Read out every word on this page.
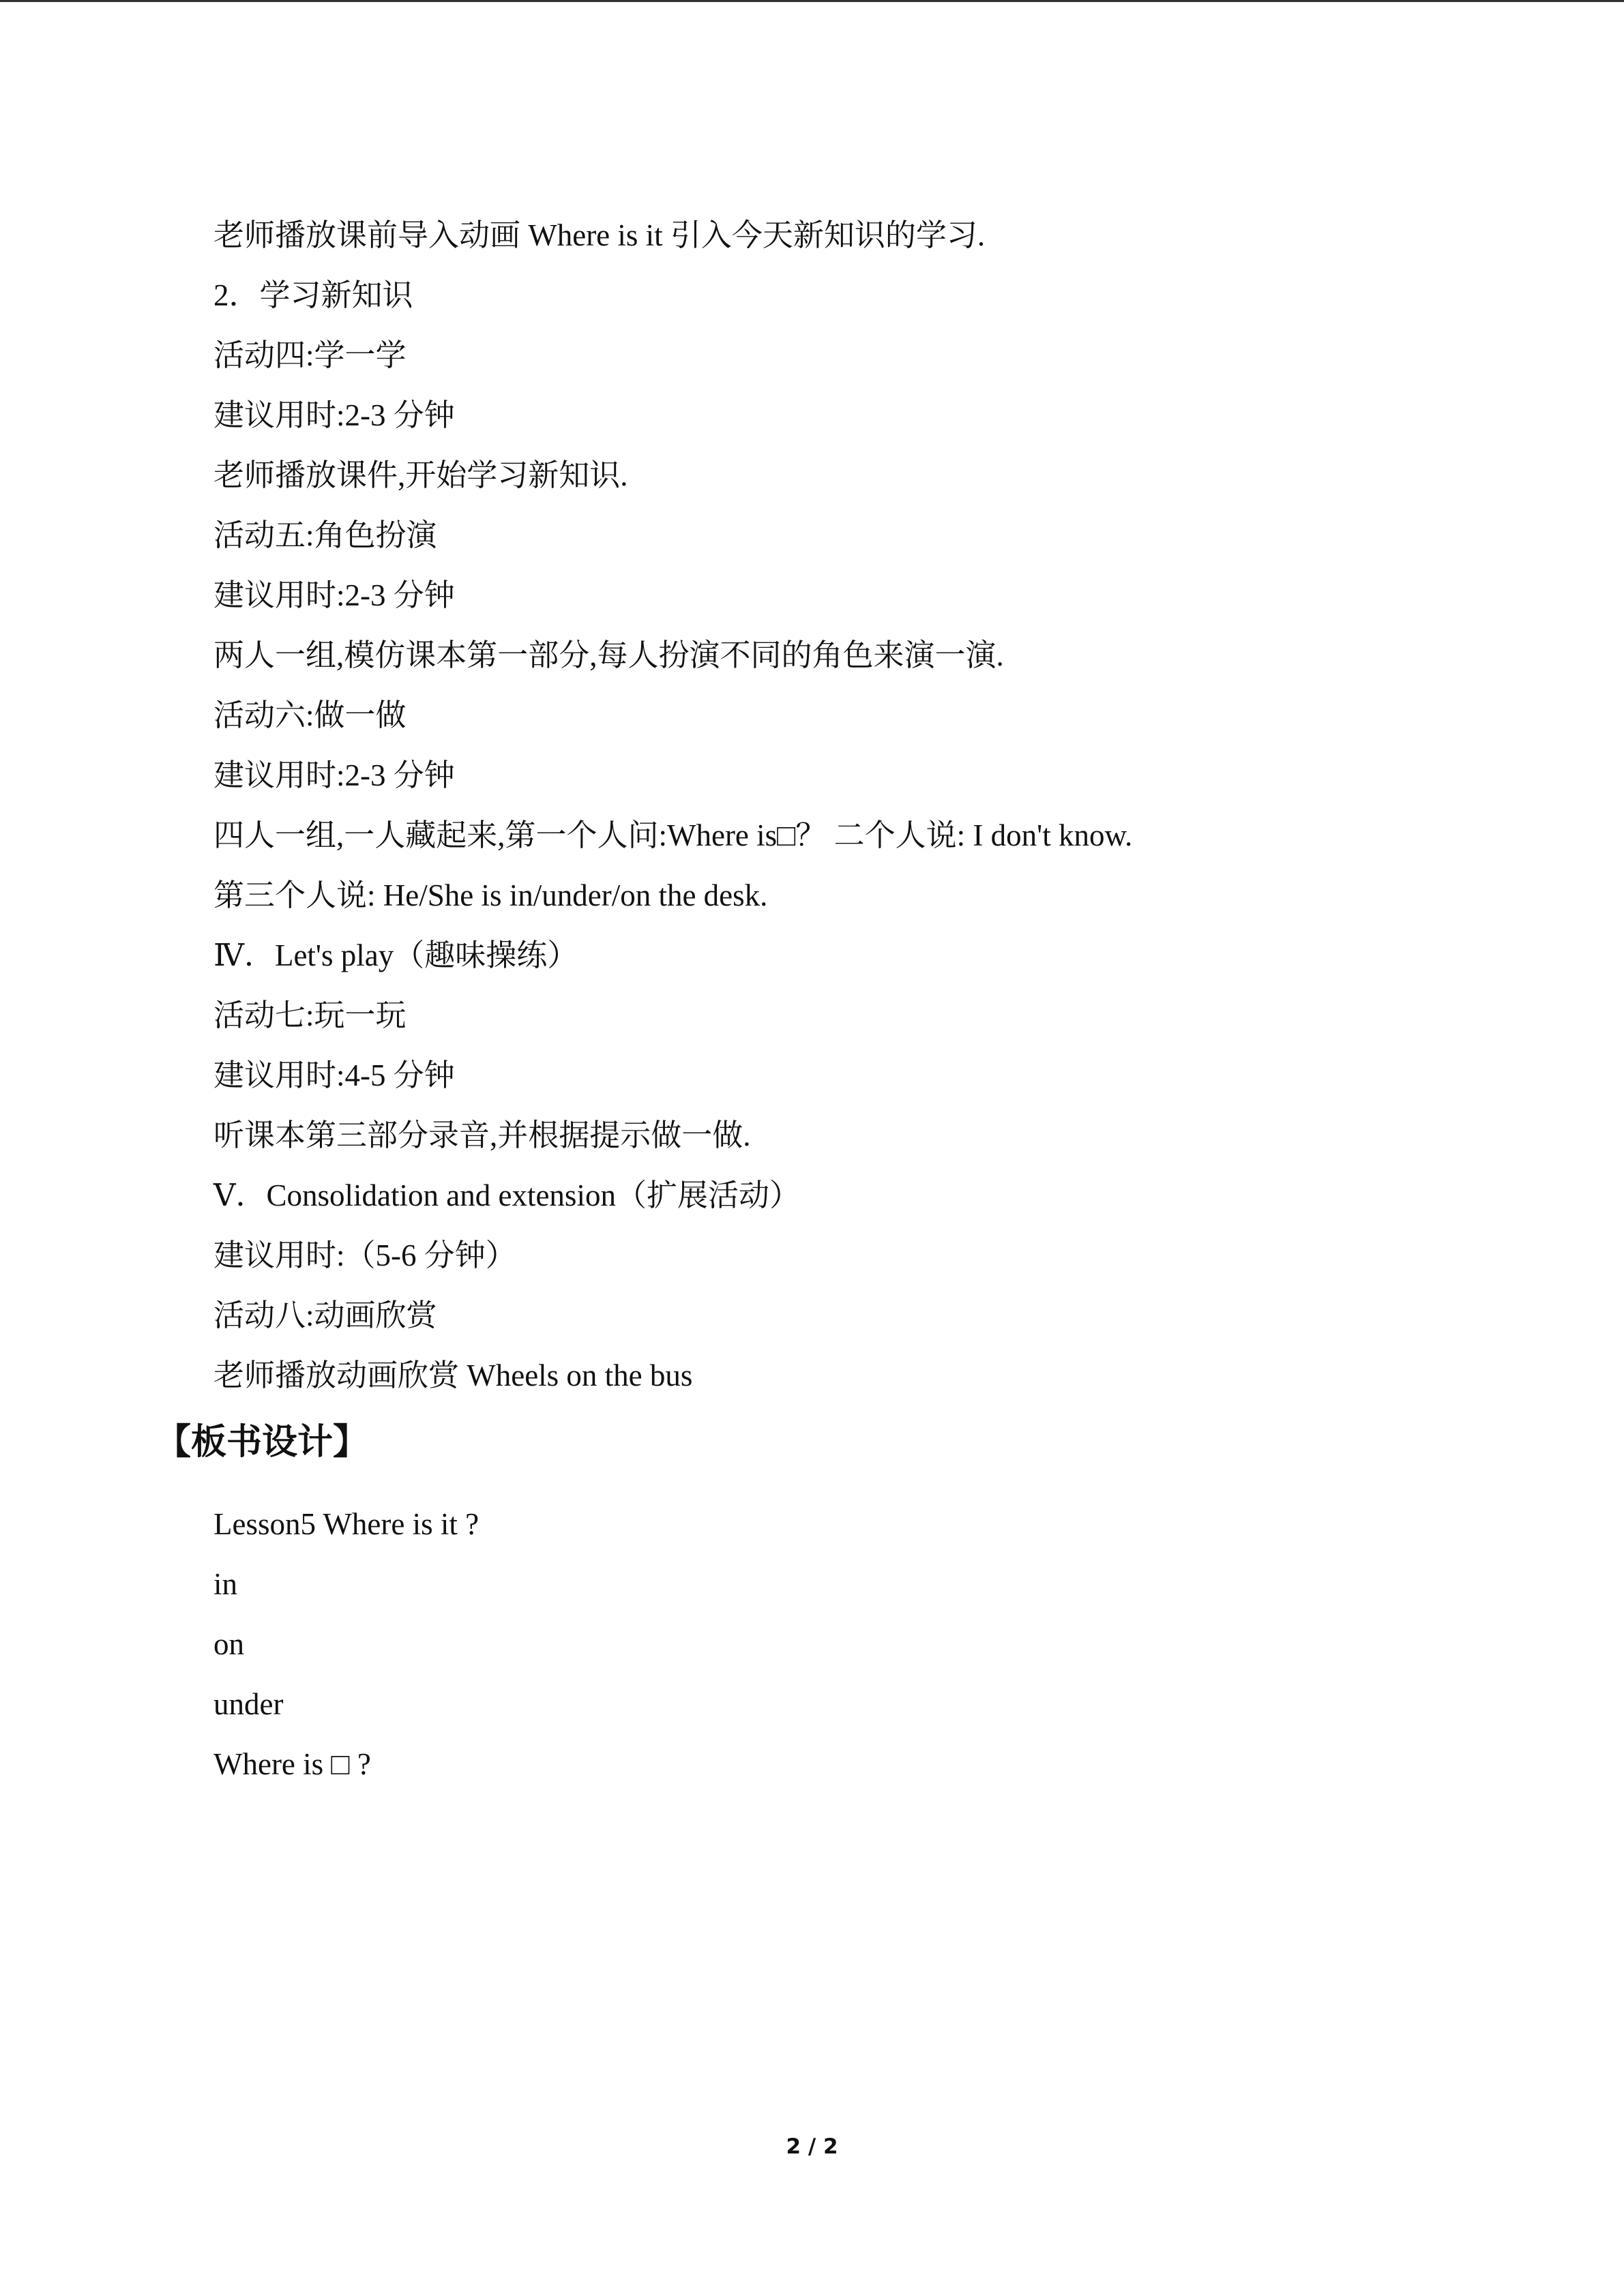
老师播放课前导入动画 Where is it 引入今天新知识的学习.
2．学习新知识
活动四:学一学
建议用时:2-3 分钟
老师播放课件,开始学习新知识.
活动五:角色扮演
建议用时:2-3 分钟
两人一组,模仿课本第一部分,每人扮演不同的角色来演一演.
活动六:做一做
建议用时:2-3 分钟
四人一组,一人藏起来,第一个人问:Where is□？ 二个人说: I don't know.
第三个人说: He/She is in/under/on the desk.
Ⅳ．Let's play（趣味操练）
活动七:玩一玩
建议用时:4-5 分钟
听课本第三部分录音,并根据提示做一做.
Ⅴ．Consolidation and extension（扩展活动）
建议用时:（5-6 分钟）
活动八:动画欣赏
老师播放动画欣赏 Wheels on the bus
【板书设计】
Lesson5 Where is it ?
in
on
under
Where is □ ?
2 / 2
